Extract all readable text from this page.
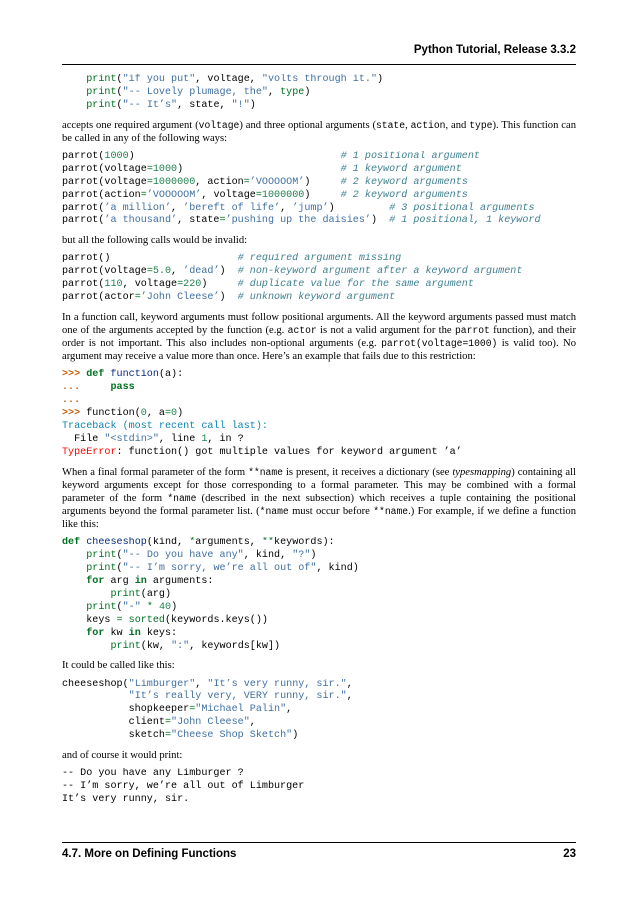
Python Tutorial, Release 3.3.2
print("if you put", voltage, "volts through it.")
print("-- Lovely plumage, the", type)
print("-- It’s", state, "!")

accepts one required argument (voltage) and three optional arguments (state, action, and type). This function can be called in any of the following ways:

parrot(1000)                                  # 1 positional argument
parrot(voltage=1000)                          # 1 keyword argument
parrot(voltage=1000000, action=’VOOOOOM’)     # 2 keyword arguments
parrot(action=’VOOOOOM’, voltage=1000000)     # 2 keyword arguments
parrot(’a million’, ’bereft of life’, ’jump’)         # 3 positional arguments
parrot(’a thousand’, state=’pushing up the daisies’)  # 1 positional, 1 keyword

but all the following calls would be invalid:

parrot()                     # required argument missing
parrot(voltage=5.0, ’dead’)  # non-keyword argument after a keyword argument
parrot(110, voltage=220)     # duplicate value for the same argument
parrot(actor=’John Cleese’)  # unknown keyword argument

In a function call, keyword arguments must follow positional arguments. All the keyword arguments passed must match one of the arguments accepted by the function (e.g. actor is not a valid argument for the parrot function), and their order is not important. This also includes non-optional arguments (e.g. parrot(voltage=1000) is valid too). No argument may receive a value more than once. Here’s an example that fails due to this restriction:

>>> def function(a):
...     pass
...
>>> function(0, a=0)
Traceback (most recent call last):
File "<stdin>", line 1, in ?
TypeError: function() got multiple values for keyword argument ’a’

When a final formal parameter of the form **name is present, it receives a dictionary (see typesmapping) containing all keyword arguments except for those corresponding to a formal parameter. This may be combined with a formal parameter of the form *name (described in the next subsection) which receives a tuple containing the positional arguments beyond the formal parameter list. (*name must occur before **name.) For example, if we define a function like this:

def cheeseshop(kind, *arguments, **keywords):
print("-- Do you have any", kind, "?")
print("-- I’m sorry, we’re all out of", kind)
for arg in arguments:
print(arg)
print("-" * 40)
keys = sorted(keywords.keys())
for kw in keys:
print(kw, ":", keywords[kw])

It could be called like this:

cheeseshop("Limburger", "It’s very runny, sir.",
"It’s really very, VERY runny, sir.",
shopkeeper="Michael Palin",
client="John Cleese",
sketch="Cheese Shop Sketch")

and of course it would print:

-- Do you have any Limburger ?
-- I’m sorry, we’re all out of Limburger
It’s very runny, sir.

4.7. More on Defining Functions	23
